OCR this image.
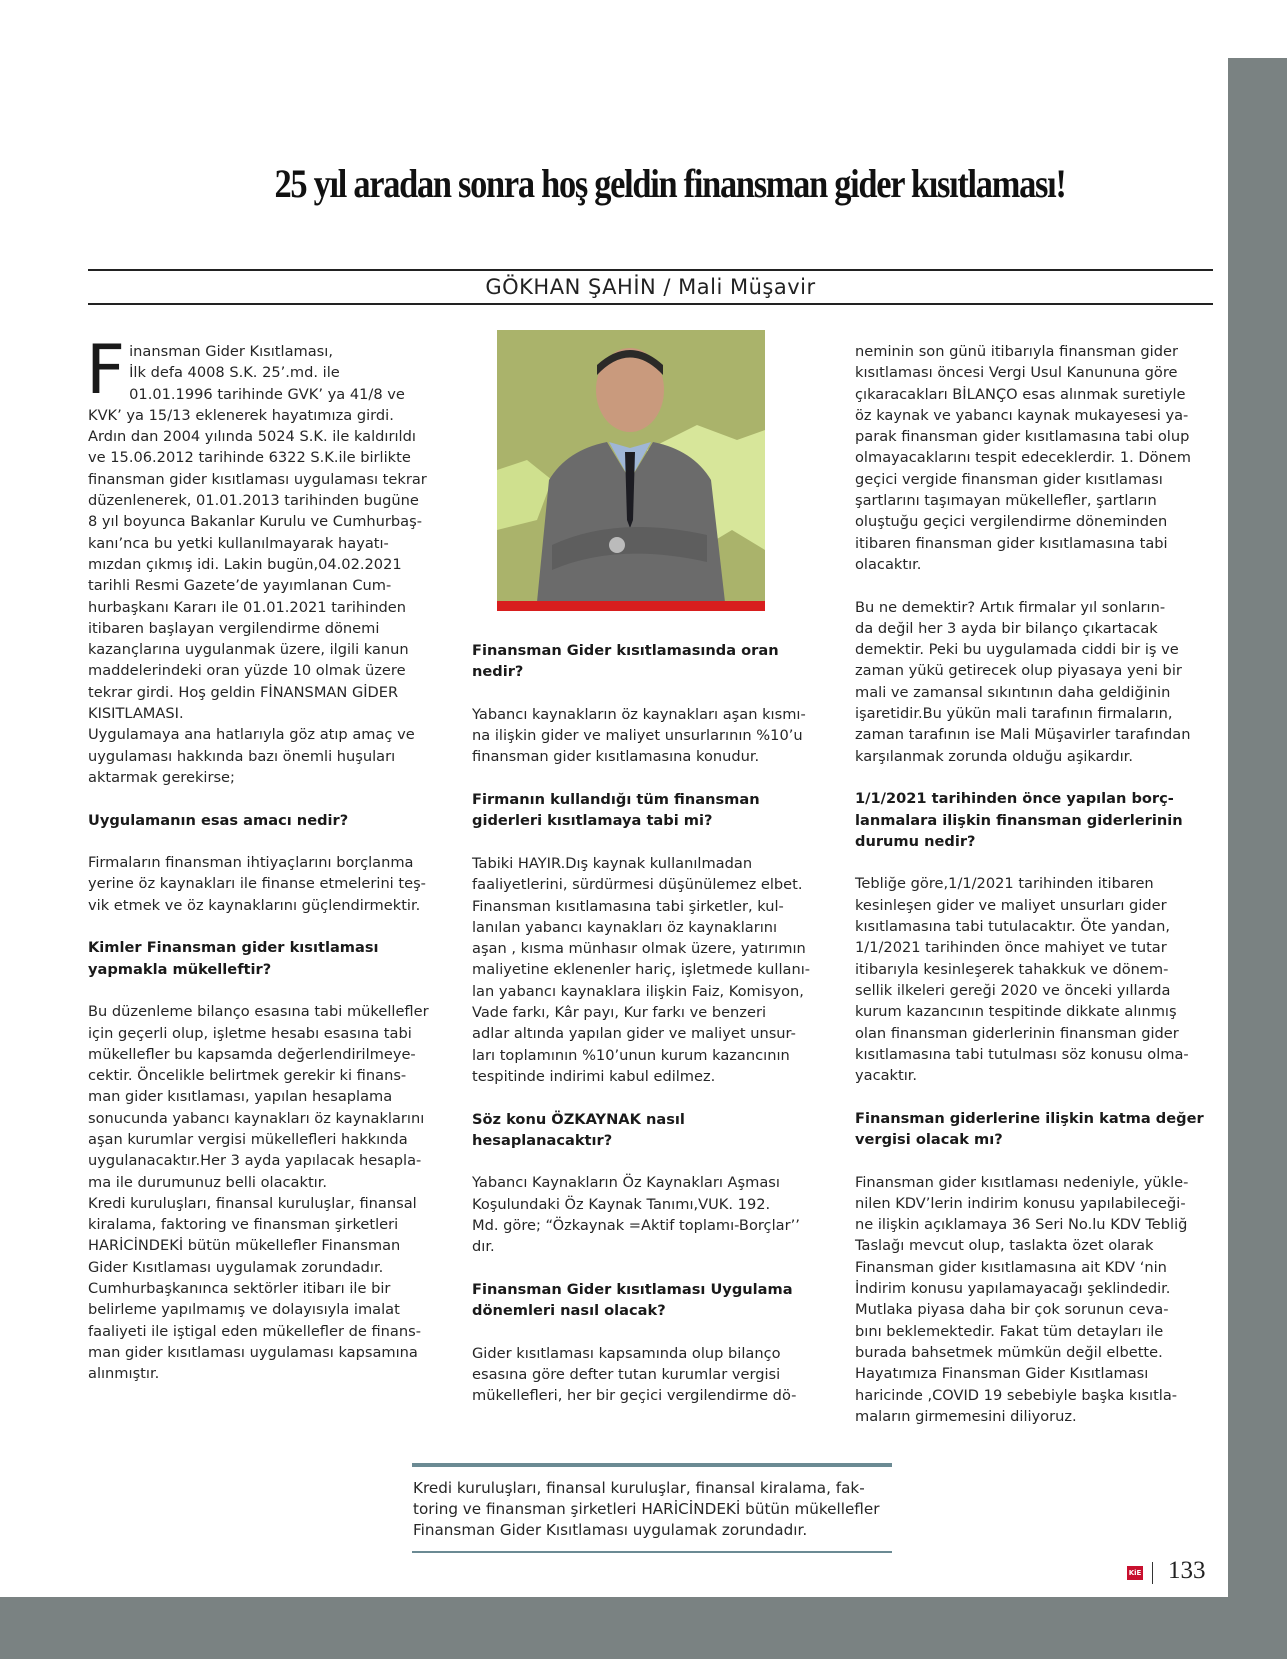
25 yıl aradan sonra hoş geldin finansman gider kısıtlaması!
GÖKHAN ŞAHİN / Mali Müşavir
F inansman Gider Kısıtlaması,
İlk defa 4008 S.K. 25’.md. ile
01.01.1996 tarihinde GVK’ ya 41/8 ve
KVK’ ya 15/13 eklenerek hayatımıza girdi.
Ardın dan 2004 yılında 5024 S.K. ile kaldırıldı
ve 15.06.2012 tarihinde 6322 S.K.ile birlikte
finansman gider kısıtlaması uygulaması tekrar
düzenlenerek, 01.01.2013 tarihinden bugüne
8 yıl boyunca Bakanlar Kurulu ve Cumhurbaş-
kanı’nca bu yetki kullanılmayarak hayatı-
mızdan çıkmış idi. Lakin bugün,04.02.2021
tarihli Resmi Gazete’de yayımlanan Cum-
hurbaşkanı Kararı ile 01.01.2021 tarihinden
itibaren başlayan vergilendirme dönemi
kazançlarına uygulanmak üzere, ilgili kanun
maddelerindeki oran yüzde 10 olmak üzere
tekrar girdi. Hoş geldin FİNANSMAN GİDER
KISITLAMASI.
Uygulamaya ana hatlarıyla göz atıp amaç ve
uygulaması hakkında bazı önemli huşuları
aktarmak gerekirse;

Uygulamanın esas amacı nedir?

Firmaların finansman ihtiyaçlarını borçlanma
yerine öz kaynakları ile finanse etmelerini teş-
vik etmek ve öz kaynaklarını güçlendirmektir.

Kimler Finansman gider kısıtlaması
yapmakla mükelleftir?

Bu düzenleme bilanço esasına tabi mükellefler
için geçerli olup, işletme hesabı esasına tabi
mükellefler bu kapsamda değerlendirilmeye-
cektir. Öncelikle belirtmek gerekir ki finans-
man gider kısıtlaması, yapılan hesaplama
sonucunda yabancı kaynakları öz kaynaklarını
aşan kurumlar vergisi mükellefleri hakkında
uygulanacaktır.Her 3 ayda yapılacak hesapla-
ma ile durumunuz belli olacaktır.
Kredi kuruluşları, finansal kuruluşlar, finansal
kiralama, faktoring ve finansman şirketleri
HARİCİNDEKİ bütün mükellefler Finansman
Gider Kısıtlaması uygulamak zorundadır.
Cumhurbaşkanınca sektörler itibarı ile bir
belirleme yapılmamış ve dolayısıyla imalat
faaliyeti ile iştigal eden mükellefler de finans-
man gider kısıtlaması uygulaması kapsamına
alınmıştır.

Finansman Gider kısıtlamasında oran
nedir?

Yabancı kaynakların öz kaynakları aşan kısmı-
na ilişkin gider ve maliyet unsurlarının %10’u
finansman gider kısıtlamasına konudur.

Firmanın kullandığı tüm finansman
giderleri kısıtlamaya tabi mi?

Tabiki HAYIR.Dış kaynak kullanılmadan
faaliyetlerini, sürdürmesi düşünülemez elbet.
Finansman kısıtlamasına tabi şirketler, kul-
lanılan yabancı kaynakları öz kaynaklarını
aşan , kısma münhasır olmak üzere, yatırımın
maliyetine eklenenler hariç, işletmede kullanı-
lan yabancı kaynaklara ilişkin Faiz, Komisyon,
Vade farkı, Kâr payı, Kur farkı ve benzeri
adlar altında yapılan gider ve maliyet unsur-
ları toplamının %10’unun kurum kazancının
tespitinde indirimi kabul edilmez.

Söz konu ÖZKAYNAK nasıl
hesaplanacaktır?

Yabancı Kaynakların Öz Kaynakları Aşması
Koşulundaki Öz Kaynak Tanımı,VUK. 192.
Md. göre; “Özkaynak =Aktif toplamı-Borçlar’’
dır.

Finansman Gider kısıtlaması Uygulama
dönemleri nasıl olacak?

Gider kısıtlaması kapsamında olup bilanço
esasına göre defter tutan kurumlar vergisi
mükellefleri, her bir geçici vergilendirme dö-

neminin son günü itibarıyla finansman gider
kısıtlaması öncesi Vergi Usul Kanununa göre
çıkaracakları BİLANÇO esas alınmak suretiyle
öz kaynak ve yabancı kaynak mukayesesi ya-
parak finansman gider kısıtlamasına tabi olup
olmayacaklarını tespit edeceklerdir. 1. Dönem
geçici vergide finansman gider kısıtlaması
şartlarını taşımayan mükellefler, şartların
oluştuğu geçici vergilendirme döneminden
itibaren finansman gider kısıtlamasına tabi
olacaktır.

Bu ne demektir? Artık firmalar yıl sonların-
da değil her 3 ayda bir bilanço çıkartacak
demektir. Peki bu uygulamada ciddi bir iş ve
zaman yükü getirecek olup piyasaya yeni bir
mali ve zamansal sıkıntının daha geldiğinin
işaretidir.Bu yükün mali tarafının firmaların,
zaman tarafının ise Mali Müşavirler tarafından
karşılanmak zorunda olduğu aşikardır.

1/1/2021 tarihinden önce yapılan borç-
lanmalara ilişkin finansman giderlerinin
durumu nedir?

Tebliğe göre,1/1/2021 tarihinden itibaren
kesinleşen gider ve maliyet unsurları gider
kısıtlamasına tabi tutulacaktır. Öte yandan,
1/1/2021 tarihinden önce mahiyet ve tutar
itibarıyla kesinleşerek tahakkuk ve dönem-
sellik ilkeleri gereği 2020 ve önceki yıllarda
kurum kazancının tespitinde dikkate alınmış
olan finansman giderlerinin finansman gider
kısıtlamasına tabi tutulması söz konusu olma-
yacaktır.

Finansman giderlerine ilişkin katma değer
vergisi olacak mı?

Finansman gider kısıtlaması nedeniyle, yükle-
nilen KDV’lerin indirim konusu yapılabileceği-
ne ilişkin açıklamaya 36 Seri No.lu KDV Tebliğ
Taslağı mevcut olup, taslakta özet olarak
Finansman gider kısıtlamasına ait KDV ‘nin
İndirim konusu yapılamayacağı şeklindedir.
Mutlaka piyasa daha bir çok sorunun ceva-
bını beklemektedir. Fakat tüm detayları ile
burada bahsetmek mümkün değil elbette.
Hayatımıza Finansman Gider Kısıtlaması
haricinde ,COVID 19 sebebiyle başka kısıtla-
maların girmemesini diliyoruz.

Kredi kuruluşları, finansal kuruluşlar, finansal kiralama, fak-
toring ve finansman şirketleri HARİCİNDEKİ bütün mükellefler
Finansman Gider Kısıtlaması uygulamak zorundadır.
KiE 133
